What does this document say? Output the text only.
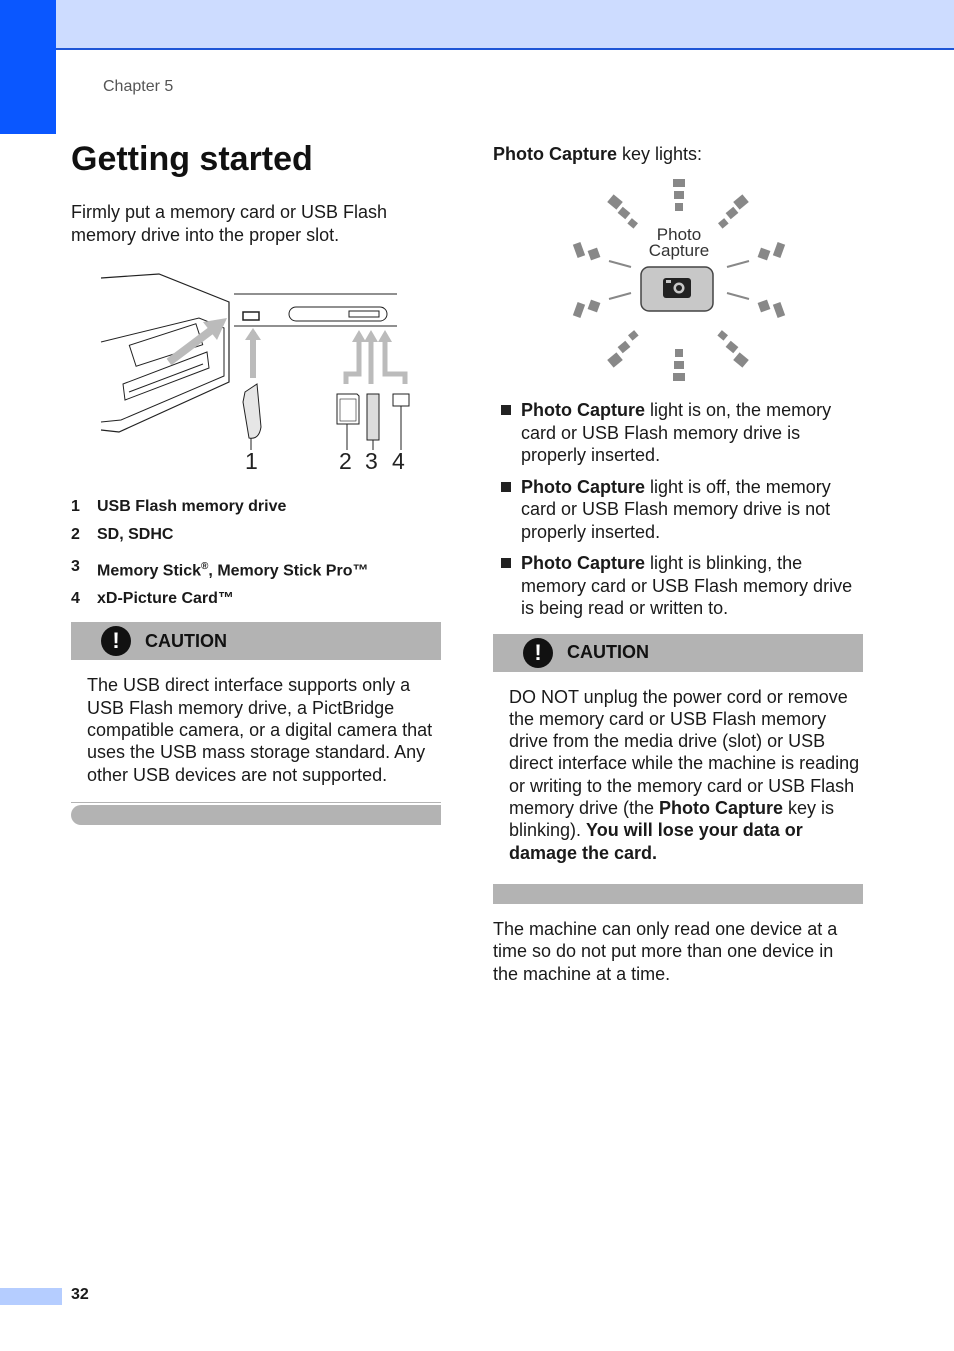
Chapter 5
Getting started

Firmly put a memory card or USB Flash memory drive into the proper slot.

1	2 3 4
1	USB Flash memory drive
2	SD, SDHC
3	Memory Stick®, Memory Stick Pro™
4	xD-Picture Card™
!	CAUTION
The USB direct interface supports only a USB Flash memory drive, a PictBridge compatible camera, or a digital camera that uses the USB mass storage standard. Any other USB devices are not supported.
Photo Capture key lights:
Photo
Capture
Photo Capture light is on, the memory card or USB Flash memory drive is properly inserted.
Photo Capture light is off, the memory card or USB Flash memory drive is not properly inserted.
Photo Capture light is blinking, the memory card or USB Flash memory drive is being read or written to.
!	CAUTION
DO NOT unplug the power cord or remove the memory card or USB Flash memory drive from the media drive (slot) or USB direct interface while the machine is reading or writing to the memory card or USB Flash memory drive (the Photo Capture key is blinking). You will lose your data or damage the card.

The machine can only read one device at a time so do not put more than one device in the machine at a time.

32
